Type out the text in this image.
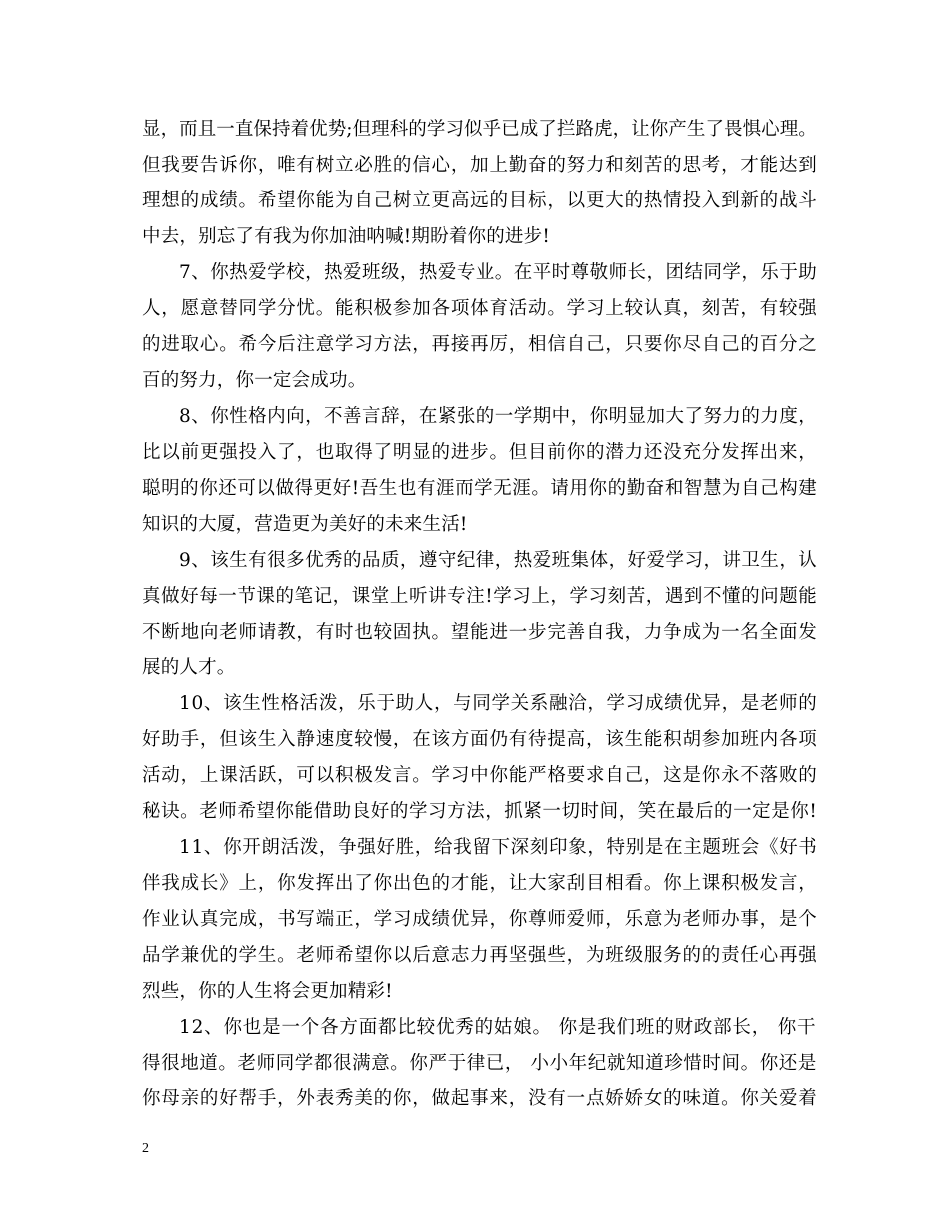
显，而且一直保持着优势;但理科的学习似乎已成了拦路虎，让你产生了畏惧心理。
但我要告诉你，唯有树立必胜的信心，加上勤奋的努力和刻苦的思考，才能达到
理想的成绩。希望你能为自己树立更高远的目标，以更大的热情投入到新的战斗
中去，别忘了有我为你加油呐喊!期盼着你的进步!
7、你热爱学校，热爱班级，热爱专业。在平时尊敬师长，团结同学，乐于助
人，愿意替同学分忧。能积极参加各项体育活动。学习上较认真，刻苦，有较强
的进取心。希今后注意学习方法，再接再厉，相信自己，只要你尽自己的百分之
百的努力，你一定会成功。
8、你性格内向，不善言辞，在紧张的一学期中，你明显加大了努力的力度，
比以前更强投入了，也取得了明显的进步。但目前你的潜力还没充分发挥出来，
聪明的你还可以做得更好!吾生也有涯而学无涯。请用你的勤奋和智慧为自己构建
知识的大厦，营造更为美好的未来生活!
9、该生有很多优秀的品质，遵守纪律，热爱班集体，好爱学习，讲卫生，认
真做好每一节课的笔记，课堂上听讲专注!学习上，学习刻苦，遇到不懂的问题能
不断地向老师请教，有时也较固执。望能进一步完善自我，力争成为一名全面发
展的人才。
10、该生性格活泼，乐于助人，与同学关系融洽，学习成绩优异，是老师的
好助手，但该生入静速度较慢，在该方面仍有待提高，该生能积胡参加班内各项
活动，上课活跃，可以积极发言。学习中你能严格要求自己，这是你永不落败的
秘诀。老师希望你能借助良好的学习方法，抓紧一切时间，笑在最后的一定是你!
11、你开朗活泼，争强好胜，给我留下深刻印象，特别是在主题班会《好书
伴我成长》上，你发挥出了你出色的才能，让大家刮目相看。你上课积极发言，
作业认真完成，书写端正，学习成绩优异，你尊师爱师，乐意为老师办事，是个
品学兼优的学生。老师希望你以后意志力再坚强些，为班级服务的的责任心再强
烈些，你的人生将会更加精彩!
12、你也是一个各方面都比较优秀的姑娘。 你是我们班的财政部长， 你干
得很地道。老师同学都很满意。你严于律已， 小小年纪就知道珍惜时间。你还是
你母亲的好帮手，外表秀美的你，做起事来，没有一点娇娇女的味道。你关爱着
2
